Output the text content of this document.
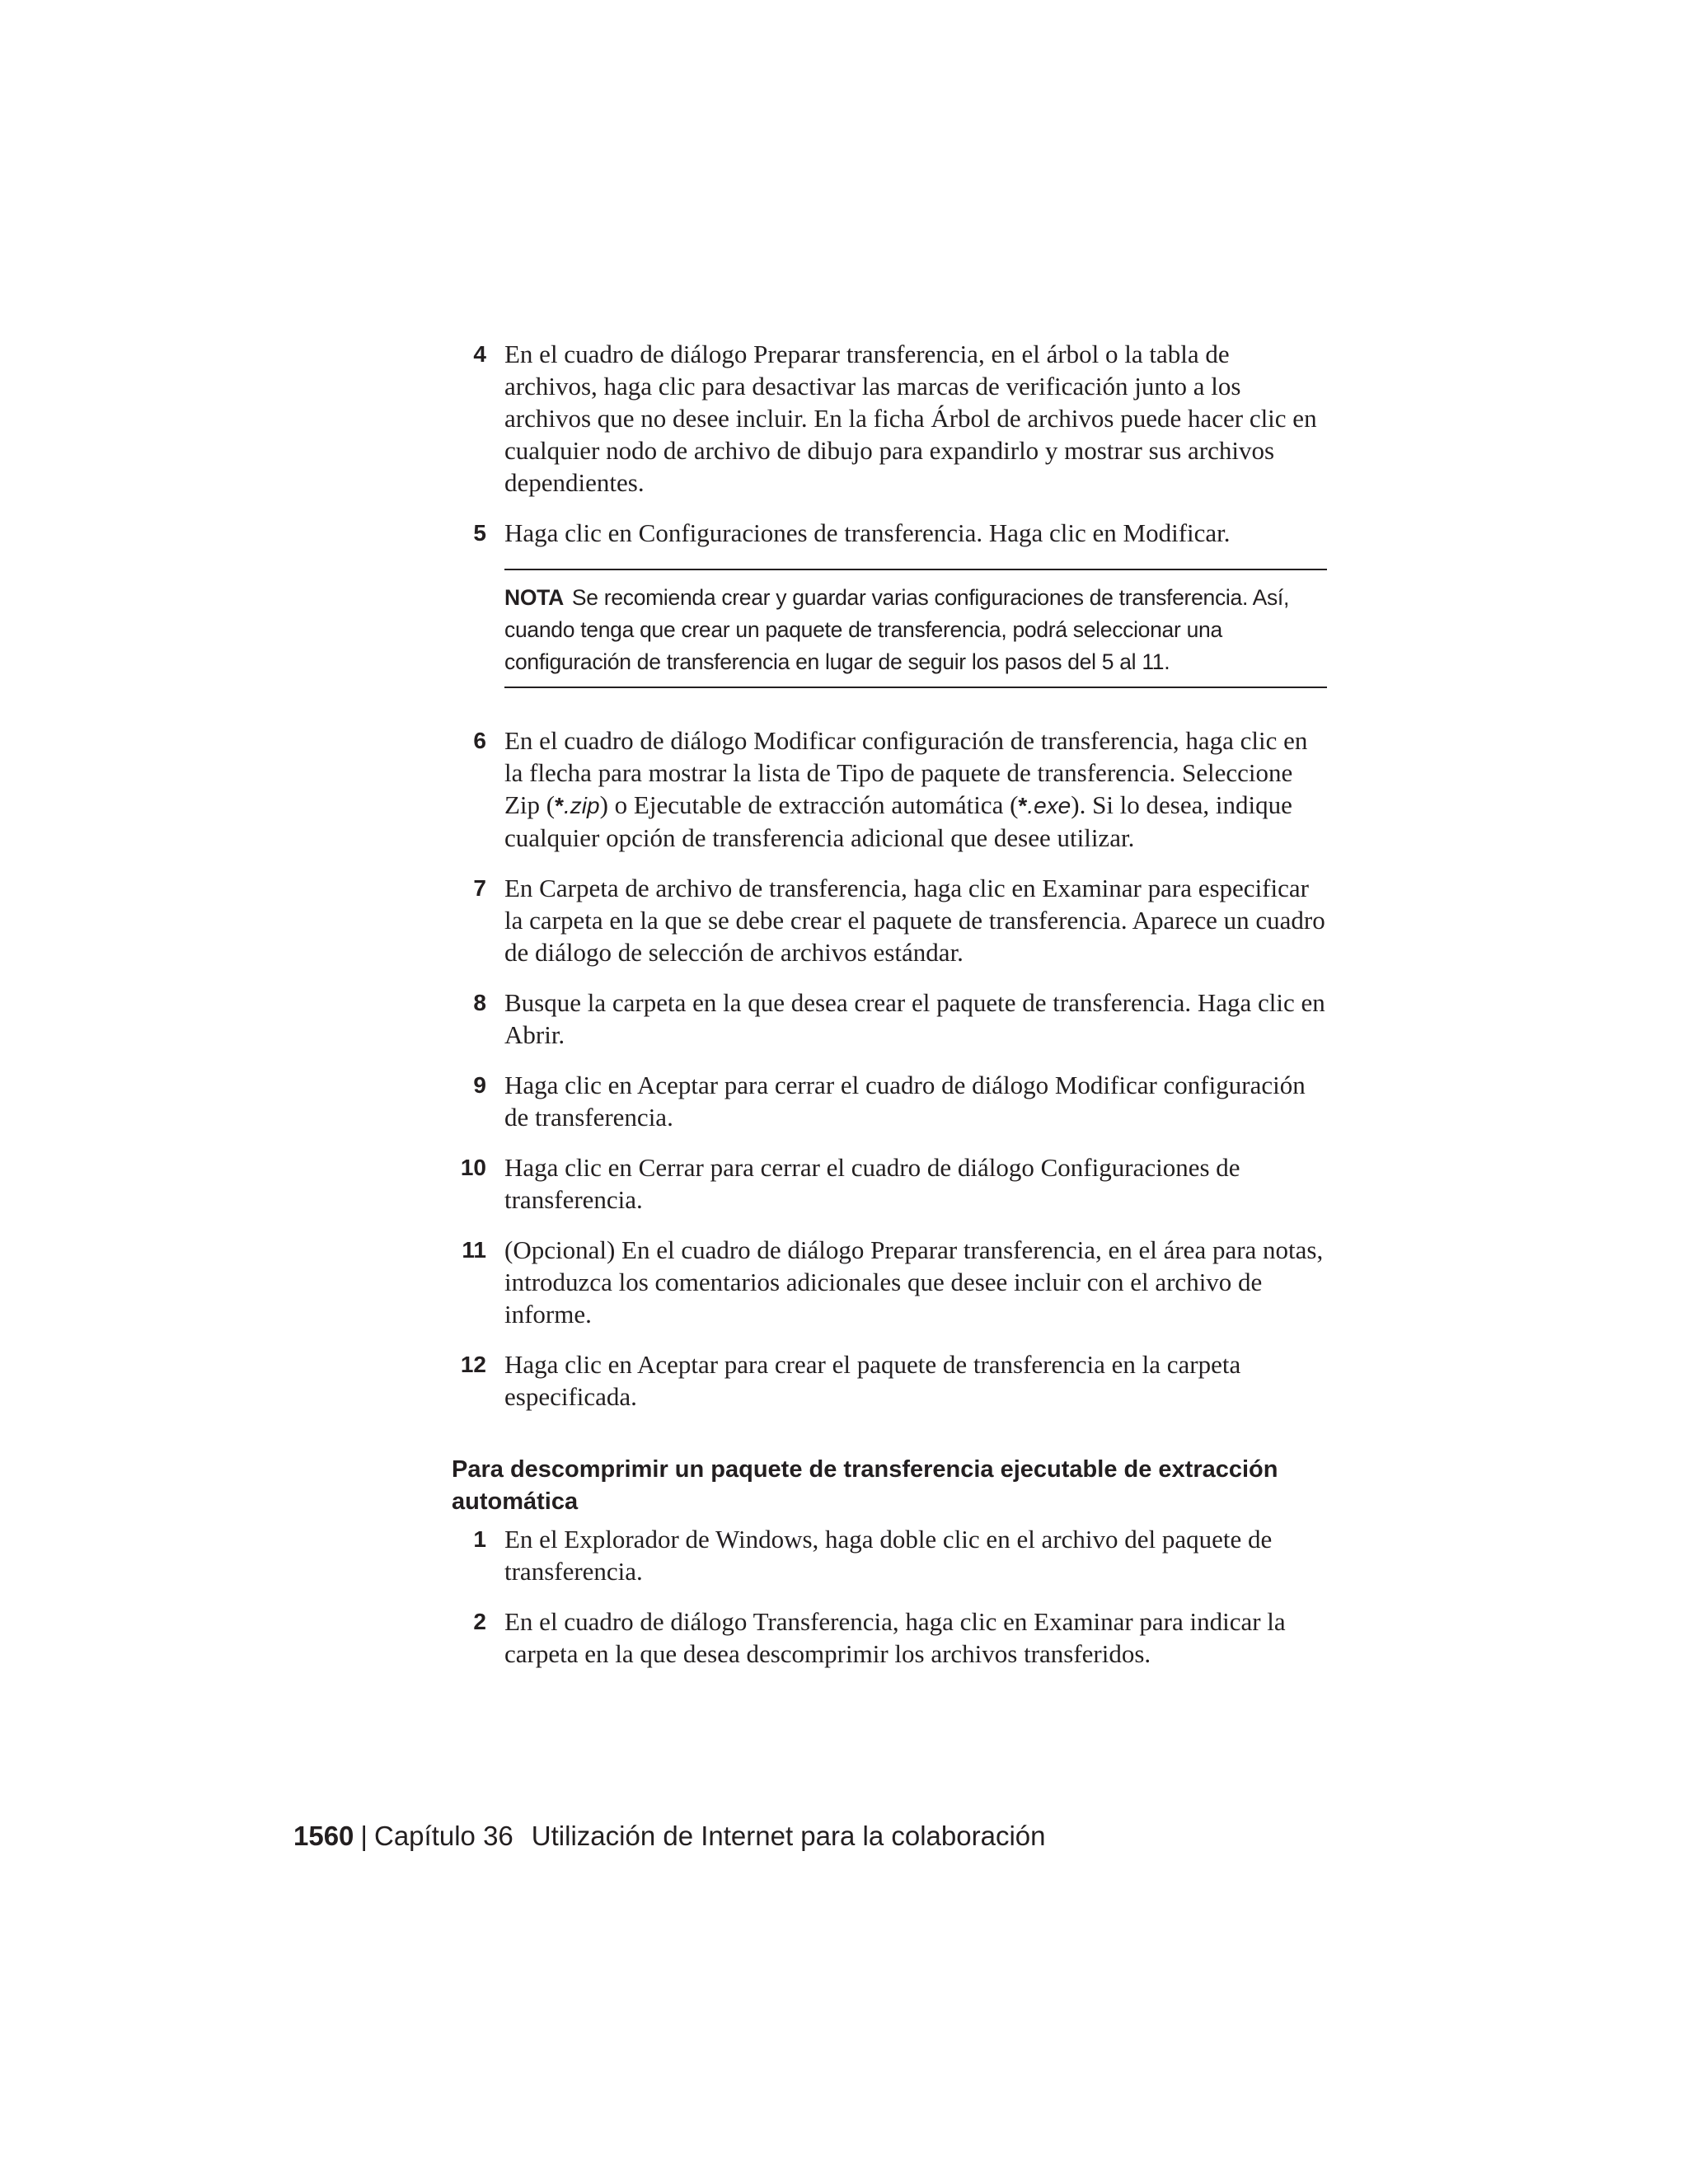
4 En el cuadro de diálogo Preparar transferencia, en el árbol o la tabla de archivos, haga clic para desactivar las marcas de verificación junto a los archivos que no desee incluir. En la ficha Árbol de archivos puede hacer clic en cualquier nodo de archivo de dibujo para expandirlo y mostrar sus archivos dependientes.
5 Haga clic en Configuraciones de transferencia. Haga clic en Modificar.
NOTA Se recomienda crear y guardar varias configuraciones de transferencia. Así, cuando tenga que crear un paquete de transferencia, podrá seleccionar una configuración de transferencia en lugar de seguir los pasos del 5 al 11.
6 En el cuadro de diálogo Modificar configuración de transferencia, haga clic en la flecha para mostrar la lista de Tipo de paquete de transferencia. Seleccione Zip (*.zip) o Ejecutable de extracción automática (*.exe). Si lo desea, indique cualquier opción de transferencia adicional que desee utilizar.
7 En Carpeta de archivo de transferencia, haga clic en Examinar para especificar la carpeta en la que se debe crear el paquete de transferencia. Aparece un cuadro de diálogo de selección de archivos estándar.
8 Busque la carpeta en la que desea crear el paquete de transferencia. Haga clic en Abrir.
9 Haga clic en Aceptar para cerrar el cuadro de diálogo Modificar configuración de transferencia.
10 Haga clic en Cerrar para cerrar el cuadro de diálogo Configuraciones de transferencia.
11 (Opcional) En el cuadro de diálogo Preparar transferencia, en el área para notas, introduzca los comentarios adicionales que desee incluir con el archivo de informe.
12 Haga clic en Aceptar para crear el paquete de transferencia en la carpeta especificada.
Para descomprimir un paquete de transferencia ejecutable de extracción automática
1 En el Explorador de Windows, haga doble clic en el archivo del paquete de transferencia.
2 En el cuadro de diálogo Transferencia, haga clic en Examinar para indicar la carpeta en la que desea descomprimir los archivos transferidos.
1560 | Capítulo 36 Utilización de Internet para la colaboración
